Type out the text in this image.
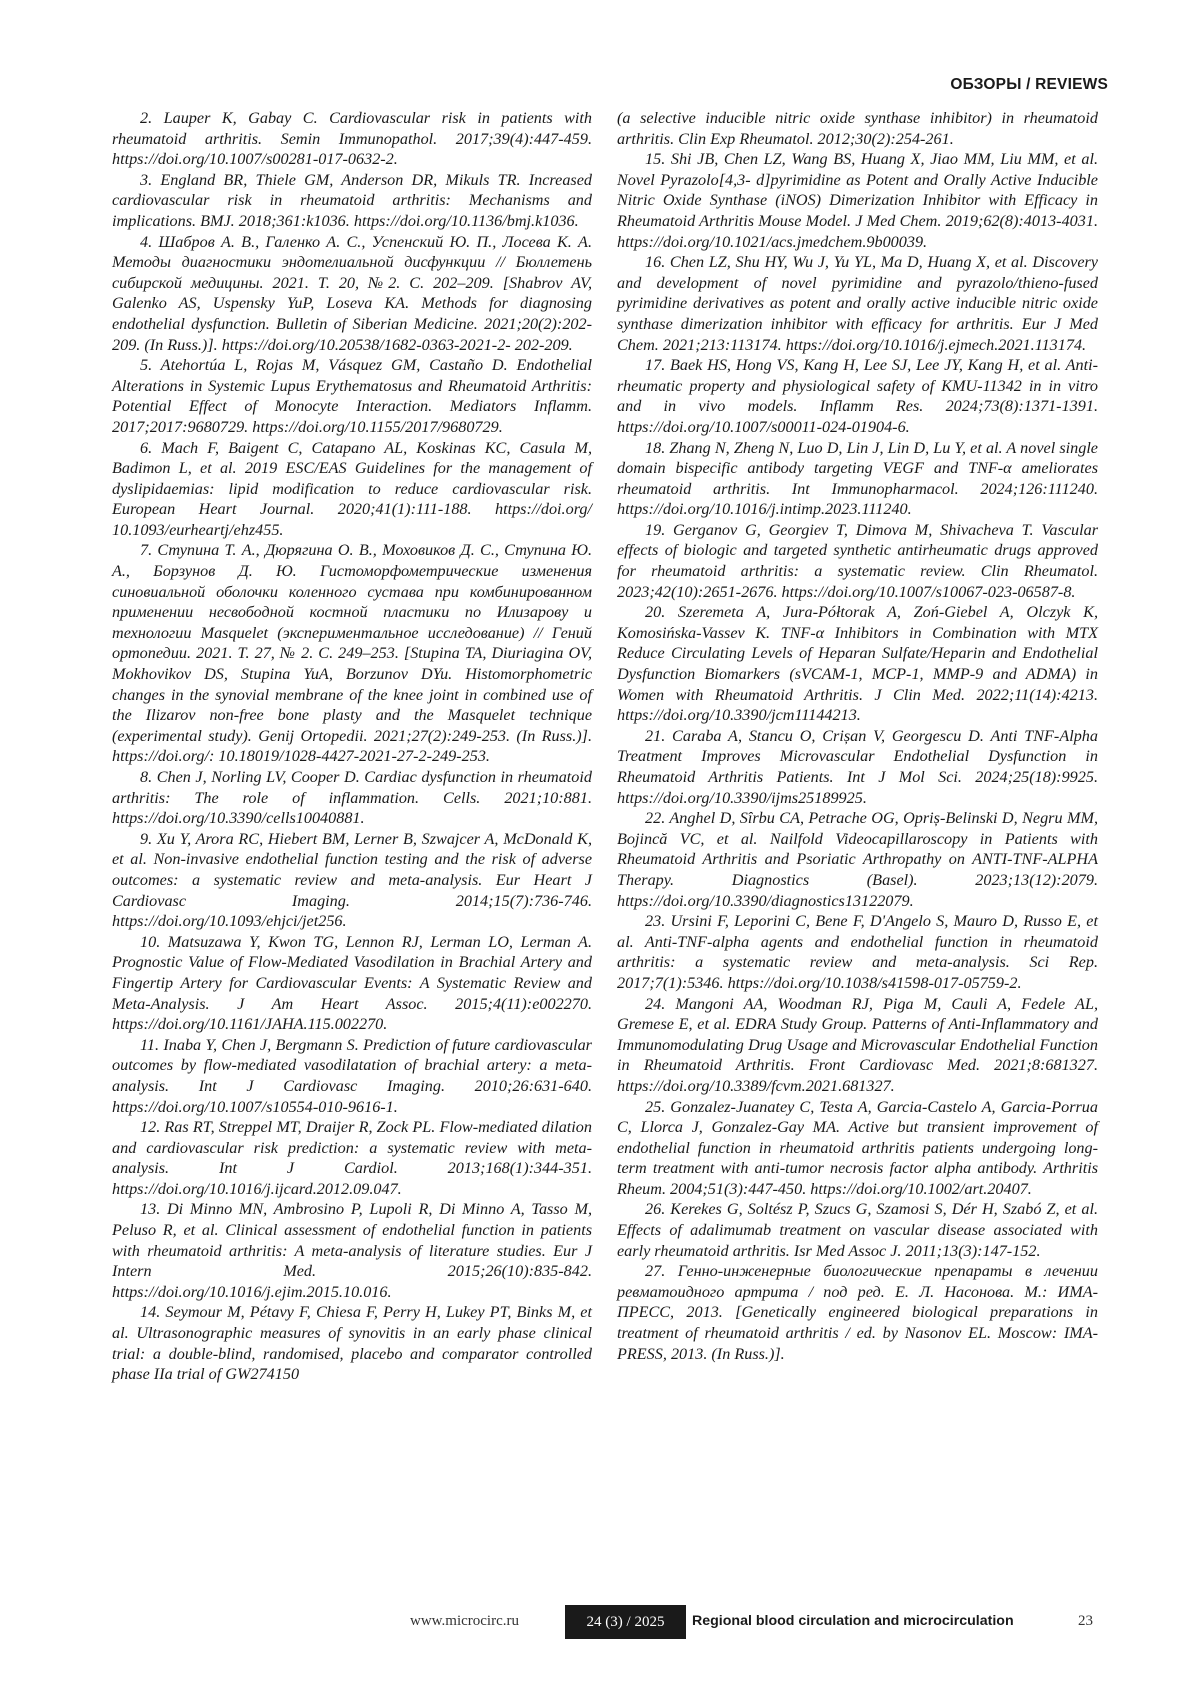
ОБЗОРЫ / REVIEWS

2. Lauper K, Gabay C. Cardiovascular risk in patients with rheumatoid arthritis. Semin Immunopathol. 2017;39(4):447-459. https://doi.org/10.1007/s00281-017-0632-2.

3. England BR, Thiele GM, Anderson DR, Mikuls TR. Increased cardiovascular risk in rheumatoid arthritis: Mechanisms and implications. BMJ. 2018;361:k1036. https://doi.org/10.1136/bmj.k1036.

4. Шабров А. В., Галенко А. С., Успенский Ю. П., Лосева К. А. Методы диагностики эндотелиальной дисфункции // Бюллетень сибирской медицины. 2021. Т. 20, №2. С. 202–209. [Shabrov AV, Galenko AS, Uspensky YuP, Loseva KA. Methods for diagnosing endothelial dysfunction. Bulletin of Siberian Medicine. 2021;20(2):202-209. (In Russ.)]. https://doi.org/10.20538/1682-0363-2021-2- 202-209.

5. Atehortúa L, Rojas M, Vásquez GM, Castaño D. Endothelial Alterations in Systemic Lupus Erythematosus and Rheumatoid Arthritis: Potential Effect of Monocyte Interaction. Mediators Inflamm. 2017;2017:9680729. https://doi.org/10.1155/2017/9680729.

6. Mach F, Baigent C, Catapano AL, Koskinas KC, Casula M, Badimon L, et al. 2019 ESC/EAS Guidelines for the management of dyslipidaemias: lipid modification to reduce cardiovascular risk. European Heart Journal. 2020;41(1):111-188. https://doi.org/ 10.1093/eurheartj/ehz455.

7. Ступина Т. А., Дюрягина О. В., Моховиков Д. С., Ступина Ю. А., Борзунов Д. Ю. Гистоморфометрические изменения синовиальной оболочки коленного сустава при комбинированном применении несвободной костной пластики по Илизарову и технологии Masquelet (экспериментальное исследование) // Гений ортопедии. 2021. Т. 27, № 2. С. 249–253. [Stupina TA, Diuriagina OV, Mokhovikov DS, Stupina YuA, Borzunov DYu. Histomorphometric changes in the synovial membrane of the knee joint in combined use of the Ilizarov non-free bone plasty and the Masquelet technique (experimental study). Genij Ortopedii. 2021;27(2):249-253. (In Russ.)]. https://doi.org/: 10.18019/1028-4427-2021-27-2-249-253.

8. Chen J, Norling LV, Cooper D. Cardiac dysfunction in rheumatoid arthritis: The role of inflammation. Cells. 2021;10:881. https://doi.org/10.3390/cells10040881.

9. Xu Y, Arora RC, Hiebert BM, Lerner B, Szwajcer A, McDonald K, et al. Non-invasive endothelial function testing and the risk of adverse outcomes: a systematic review and meta-analysis. Eur Heart J Cardiovasc Imaging. 2014;15(7):736-746. https://doi.org/10.1093/ehjci/jet256.

10. Matsuzawa Y, Kwon TG, Lennon RJ, Lerman LO, Lerman A. Prognostic Value of Flow-Mediated Vasodilation in Brachial Artery and Fingertip Artery for Cardiovascular Events: A Systematic Review and Meta-Analysis. J Am Heart Assoc. 2015;4(11):e002270. https://doi.org/10.1161/JAHA.115.002270.

11. Inaba Y, Chen J, Bergmann S. Prediction of future cardiovascular outcomes by flow-mediated vasodilatation of brachial artery: a meta-analysis. Int J Cardiovasc Imaging. 2010;26:631-640. https://doi.org/10.1007/s10554-010-9616-1.

12. Ras RT, Streppel MT, Draijer R, Zock PL. Flow-mediated dilation and cardiovascular risk prediction: a systematic review with meta-analysis. Int J Cardiol. 2013;168(1):344-351. https://doi.org/10.1016/j.ijcard.2012.09.047.

13. Di Minno MN, Ambrosino P, Lupoli R, Di Minno A, Tasso M, Peluso R, et al. Clinical assessment of endothelial function in patients with rheumatoid arthritis: A meta-analysis of literature studies. Eur J Intern Med. 2015;26(10):835-842. https://doi.org/10.1016/j.ejim.2015.10.016.

14. Seymour M, Pétavy F, Chiesa F, Perry H, Lukey PT, Binks M, et al. Ultrasonographic measures of synovitis in an early phase clinical trial: a double-blind, randomised, placebo and comparator controlled phase IIa trial of GW274150

(a selective inducible nitric oxide synthase inhibitor) in rheumatoid arthritis. Clin Exp Rheumatol. 2012;30(2):254-261.

15. Shi JB, Chen LZ, Wang BS, Huang X, Jiao MM, Liu MM, et al. Novel Pyrazolo[4,3- d]pyrimidine as Potent and Orally Active Inducible Nitric Oxide Synthase (iNOS) Dimerization Inhibitor with Efficacy in Rheumatoid Arthritis Mouse Model. J Med Chem. 2019;62(8):4013-4031. https://doi.org/10.1021/acs.jmedchem.9b00039.

16. Chen LZ, Shu HY, Wu J, Yu YL, Ma D, Huang X, et al. Discovery and development of novel pyrimidine and pyrazolo/thieno-fused pyrimidine derivatives as potent and orally active inducible nitric oxide synthase dimerization inhibitor with efficacy for arthritis. Eur J Med Chem. 2021;213:113174. https://doi.org/10.1016/j.ejmech.2021.113174.

17. Baek HS, Hong VS, Kang H, Lee SJ, Lee JY, Kang H, et al. Anti-rheumatic property and physiological safety of KMU-11342 in in vitro and in vivo models. Inflamm Res. 2024;73(8):1371-1391. https://doi.org/10.1007/s00011-024-01904-6.

18. Zhang N, Zheng N, Luo D, Lin J, Lin D, Lu Y, et al. A novel single domain bispecific antibody targeting VEGF and TNF-α ameliorates rheumatoid arthritis. Int Immunopharmacol. 2024;126:111240. https://doi.org/10.1016/j.intimp.2023.111240.

19. Gerganov G, Georgiev T, Dimova M, Shivacheva T. Vascular effects of biologic and targeted synthetic antirheumatic drugs approved for rheumatoid arthritis: a systematic review. Clin Rheumatol. 2023;42(10):2651-2676. https://doi.org/10.1007/s10067-023-06587-8.

20. Szeremeta A, Jura-Półtorak A, Zoń-Giebel A, Olczyk K, Komosińska-Vassev K. TNF-α Inhibitors in Combination with MTX Reduce Circulating Levels of Heparan Sulfate/Heparin and Endothelial Dysfunction Biomarkers (sVCAM-1, MCP-1, MMP-9 and ADMA) in Women with Rheumatoid Arthritis. J Clin Med. 2022;11(14):4213. https://doi.org/10.3390/jcm11144213.

21. Caraba A, Stancu O, Crișan V, Georgescu D. Anti TNF-Alpha Treatment Improves Microvascular Endothelial Dysfunction in Rheumatoid Arthritis Patients. Int J Mol Sci. 2024;25(18):9925. https://doi.org/10.3390/ijms25189925.

22. Anghel D, Sîrbu CA, Petrache OG, Opriș-Belinski D, Negru MM, Bojincă VC, et al. Nailfold Videocapillaroscopy in Patients with Rheumatoid Arthritis and Psoriatic Arthropathy on ANTI-TNF-ALPHA Therapy. Diagnostics (Basel). 2023;13(12):2079. https://doi.org/10.3390/diagnostics13122079.

23. Ursini F, Leporini C, Bene F, D'Angelo S, Mauro D, Russo E, et al. Anti-TNF-alpha agents and endothelial function in rheumatoid arthritis: a systematic review and meta-analysis. Sci Rep. 2017;7(1):5346. https://doi.org/10.1038/s41598-017-05759-2.

24. Mangoni AA, Woodman RJ, Piga M, Cauli A, Fedele AL, Gremese E, et al. EDRA Study Group. Patterns of Anti-Inflammatory and Immunomodulating Drug Usage and Microvascular Endothelial Function in Rheumatoid Arthritis. Front Cardiovasc Med. 2021;8:681327. https://doi.org/10.3389/fcvm.2021.681327.

25. Gonzalez-Juanatey C, Testa A, Garcia-Castelo A, Garcia-Porrua C, Llorca J, Gonzalez-Gay MA. Active but transient improvement of endothelial function in rheumatoid arthritis patients undergoing long-term treatment with anti-tumor necrosis factor alpha antibody. Arthritis Rheum. 2004;51(3):447-450. https://doi.org/10.1002/art.20407.

26. Kerekes G, Soltész P, Szucs G, Szamosi S, Dér H, Szabó Z, et al. Effects of adalimumab treatment on vascular disease associated with early rheumatoid arthritis. Isr Med Assoc J. 2011;13(3):147-152.

27. Генно-инженерные биологические препараты в лечении ревматоидного артрита / под ред. Е. Л. Насонова. М.: ИМА-ПРЕСС, 2013. [Genetically engineered biological preparations in treatment of rheumatoid arthritis / ed. by Nasonov EL. Moscow: IMA-PRESS, 2013. (In Russ.)].

www.microcirc.ru	24 (3) / 2025	Regional blood circulation and microcirculation	23
